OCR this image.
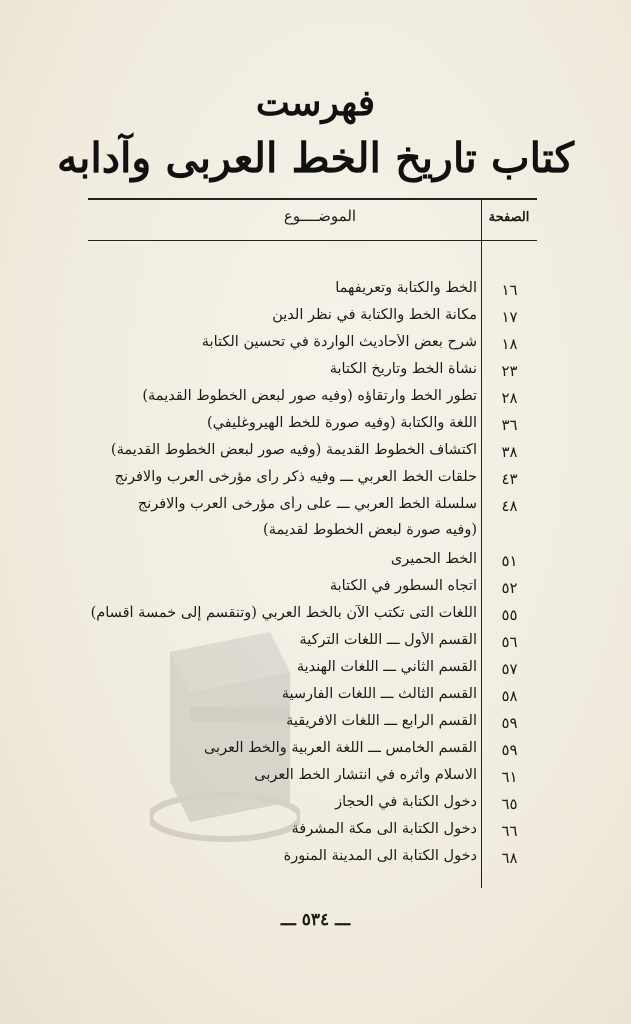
فهرست
كتاب تاريخ الخط العربى وآدابه
الصفحة
الموضــــوع
١٦
الخط والكتابة وتعريفهما
١٧
مكانة الخط والكتابة في نظر الدين
١٨
شرح بعض الأحاديث الواردة في تحسين الكتابة
٢٣
نشأة الخط وتاريخ الكتابة
٢٨
تطور الخط وارتقاؤه (وفيه صور لبعض الخطوط القديمة)
٣٦
اللغة والكتابة (وفيه صورة للخط الهيروغليفي)
٣٨
اكتشاف الخطوط القديمة (وفيه صور لبعض الخطوط القديمة)
٤٣
حلقات الخط العربي ـــ وفيه ذكر رأى مؤرخى العرب والافرنج
٤٨
سلسلة الخط العربي ـــ على رأى مؤرخى العرب والافرنج
(وفيه صورة لبعض الخطوط لقديمة)
٥١
الخط الحميرى
٥٢
اتجاه السطور في الكتابة
٥٥
اللغات التى تكتب الآن بالخط العربي (وتنقسم إلى خمسة أقسام)
٥٦
القسم الأول ـــ اللغات التركية
٥٧
القسم الثاني ـــ اللغات الهندية
٥٨
القسم الثالث ـــ اللغات الفارسية
٥٩
القسم الرابع ـــ اللغات الافريقية
٥٩
القسم الخامس ـــ اللغة العربية والخط العربى
٦١
الاسلام وأثره في انتشار الخط العربى
٦٥
دخول الكتابة في الحجاز
٦٦
دخول الكتابة الى مكة المشرفة
٦٨
دخول الكتابة الى المدينة المنورة
ـــ ٥٣٤ ـــ
